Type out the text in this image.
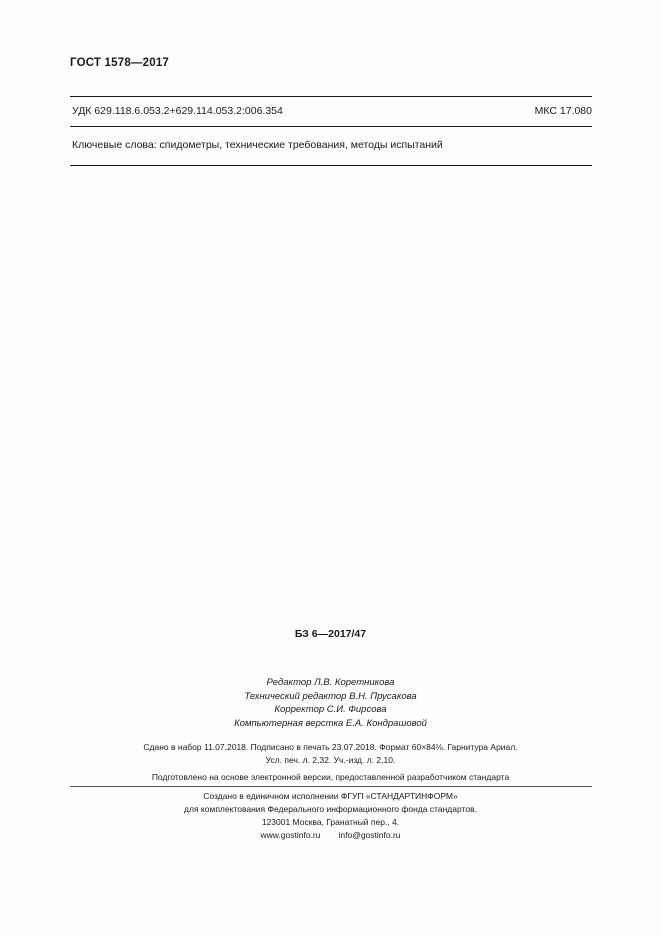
ГОСТ 1578—2017
УДК 629.118.6.053.2+629.114.053.2:006.354	МКС 17.080
Ключевые слова: спидометры, технические требования, методы испытаний
БЗ 6—2017/47
Редактор Л.В. Коретникова
Технический редактор В.Н. Прусакова
Корректор С.И. Фирсова
Компьютерная верстка Е.А. Кондрашовой
Сдано в набор 11.07.2018. Подписано в печать 23.07.2018. Формат 60×84⅛. Гарнитура Ариал.
Усл. печ. л. 2,32. Уч.-изд. л. 2,10.
Подготовлено на основе электронной версии, предоставленной разработчиком стандарта
Создано в единичном исполнении ФГУП «СТАНДАРТИНФОРМ»
для комплектования Федерального информационного фонда стандартов.
123001 Москва, Гранатный пер., 4.
www.gostinfo.ru info@gostinfo.ru
